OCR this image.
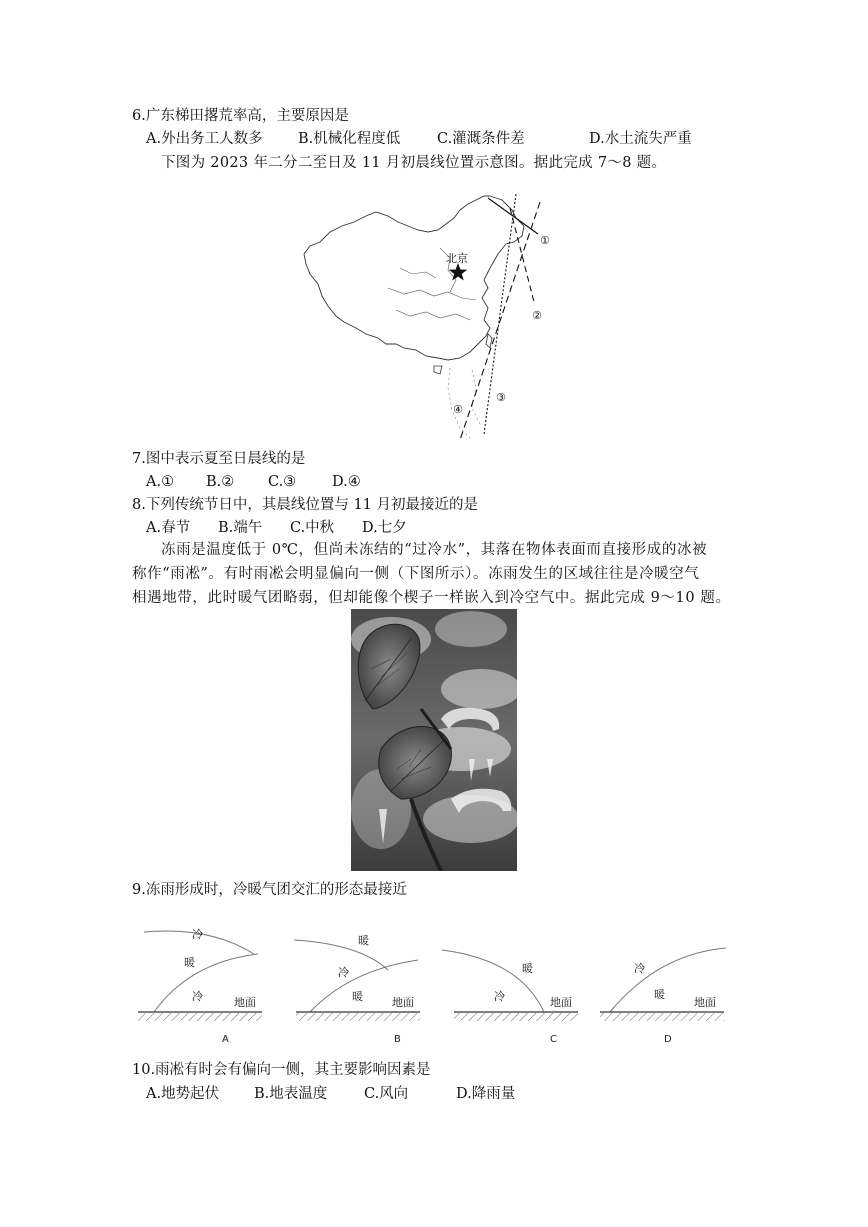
6.广东梯田撂荒率高，主要原因是
A.外出务工人数多 B.机械化程度低	C.灌溉条件差	D.水土流失严重
下图为 2023 年二分二至日及 11 月初晨线位置示意图。据此完成 7～8 题。
北京
①
②
③
④
7.图中表示夏至日晨线的是
A.① B.② C.③ D.④
8.下列传统节日中，其晨线位置与 11 月初最接近的是
A.春节 B.端午 C.中秋 D.七夕
冻雨是温度低于 0℃，但尚未冻结的“过冷水”，其落在物体表面而直接形成的冰被
称作“雨凇”。有时雨凇会明显偏向一侧（下图所示）。冻雨发生的区域往往是冷暖空气
相遇地带，此时暖气团略弱，但却能像个楔子一样嵌入到冷空气中。据此完成 9～10 题。
9.冻雨形成时，冷暖气团交汇的形态最接近
冷
暖
冷	地面
A
暖
冷
暖	地面
B
暖
冷	地面
C
冷
暖
地面
D
10.雨凇有时会有偏向一侧，其主要影响因素是
A.地势起伏 B.地表温度	C.风向	D.降雨量
